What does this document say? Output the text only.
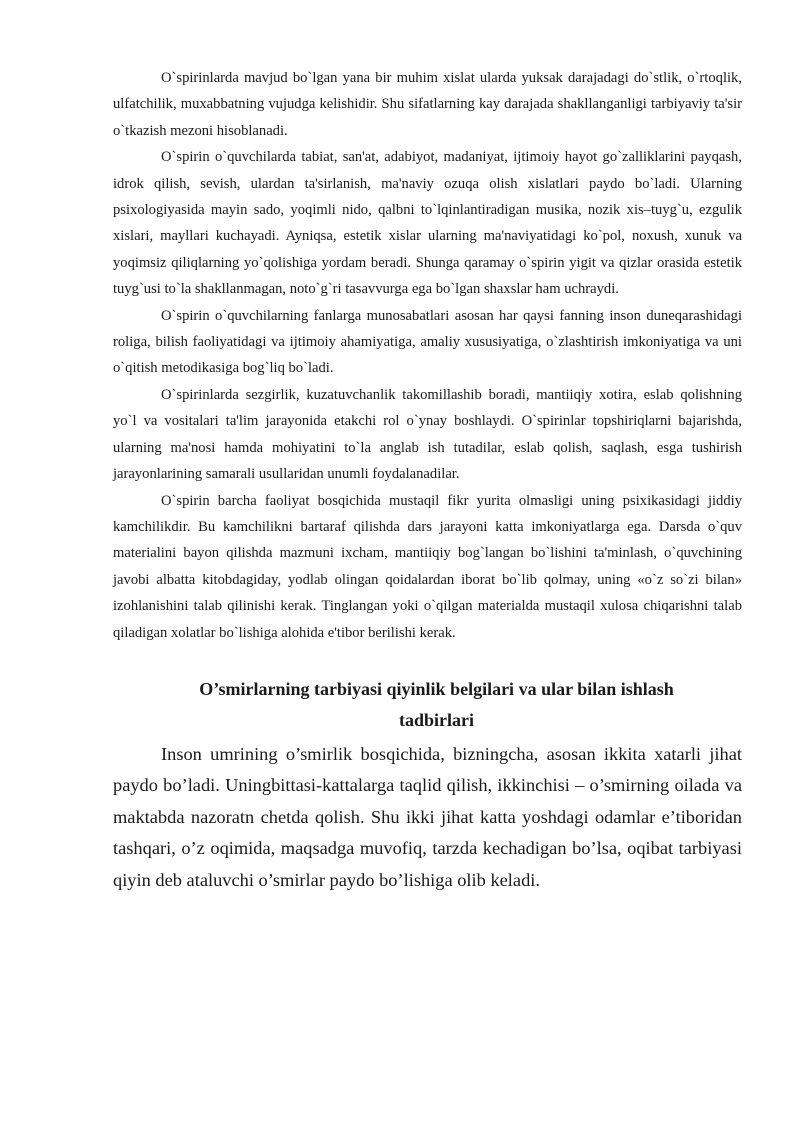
O`spirinlarda mavjud bo`lgan yana bir muhim xislat ularda yuksak darajadagi do`stlik, o`rtoqlik, ulfatchilik, muxabbatning vujudga kelishidir. Shu sifatlarning kay darajada shakllanganligi tarbiyaviy ta'sir o`tkazish mezoni hisoblanadi.

O`spirin o`quvchilarda tabiat, san'at, adabiyot, madaniyat, ijtimoiy hayot go`zalliklarini payqash, idrok qilish, sevish, ulardan ta'sirlanish, ma'naviy ozuqa olish xislatlari paydo bo`ladi. Ularning psixologiyasida mayin sado, yoqimli nido, qalbni to`lqinlantiradigan musika, nozik xis–tuyg`u, ezgulik xislari, mayllari kuchayadi. Ayniqsa, estetik xislar ularning ma'naviyatidagi ko`pol, noxush, xunuk va yoqimsiz qiliqlarning yo`qolishiga yordam beradi. Shunga qaramay o`spirin yigit va qizlar orasida estetik tuyg`usi to`la shakllanmagan, noto`g`ri tasavvurga ega bo`lgan shaxslar ham uchraydi.

O`spirin o`quvchilarning fanlarga munosabatlari asosan har qaysi fanning inson duneqarashidagi roliga, bilish faoliyatidagi va ijtimoiy ahamiyatiga, amaliy xususiyatiga, o`zlashtirish imkoniyatiga va uni o`qitish metodikasiga bog`liq bo`ladi.

O`spirinlarda sezgirlik, kuzatuvchanlik takomillashib boradi, mantiiqiy xotira, eslab qolishning yo`l va vositalari ta'lim jarayonida etakchi rol o`ynay boshlaydi. O`spirinlar topshiriqlarni bajarishda, ularning ma'nosi hamda mohiyatini to`la anglab ish tutadilar, eslab qolish, saqlash, esga tushirish jarayonlarining samarali usullaridan unumli foydalanadilar.

O`spirin barcha faoliyat bosqichida mustaqil fikr yurita olmasligi uning psixikasidagi jiddiy kamchilikdir. Bu kamchilikni bartaraf qilishda dars jarayoni katta imkoniyatlarga ega. Darsda o`quv materialini bayon qilishda mazmuni ixcham, mantiiqiy bog`langan bo`lishini ta'minlash, o`quvchining javobi albatta kitobdagiday, yodlab olingan qoidalardan iborat bo`lib qolmay, uning «o`z so`zi bilan» izohlanishini talab qilinishi kerak. Tinglangan yoki o`qilgan materialda mustaqil xulosa chiqarishni talab qiladigan xolatlar bo`lishiga alohida e'tibor berilishi kerak.

O’smirlarning tarbiyasi qiyinlik belgilari va ular bilan ishlash tadbirlari

Inson umrining o’smirlik bosqichida, bizningcha, asosan ikkita xatarli jihat paydo bo’ladi. Uningbittasi-kattalarga taqlid qilish, ikkinchisi – o’smirning oilada va maktabda nazoratn chetda qolish. Shu ikki jihat katta yoshdagi odamlar e’tiboridan tashqari, o’z oqimida, maqsadga muvofiq, tarzda kechadigan bo’lsa, oqibat tarbiyasi qiyin deb ataluvchi o’smirlar paydo bo’lishiga olib keladi.
